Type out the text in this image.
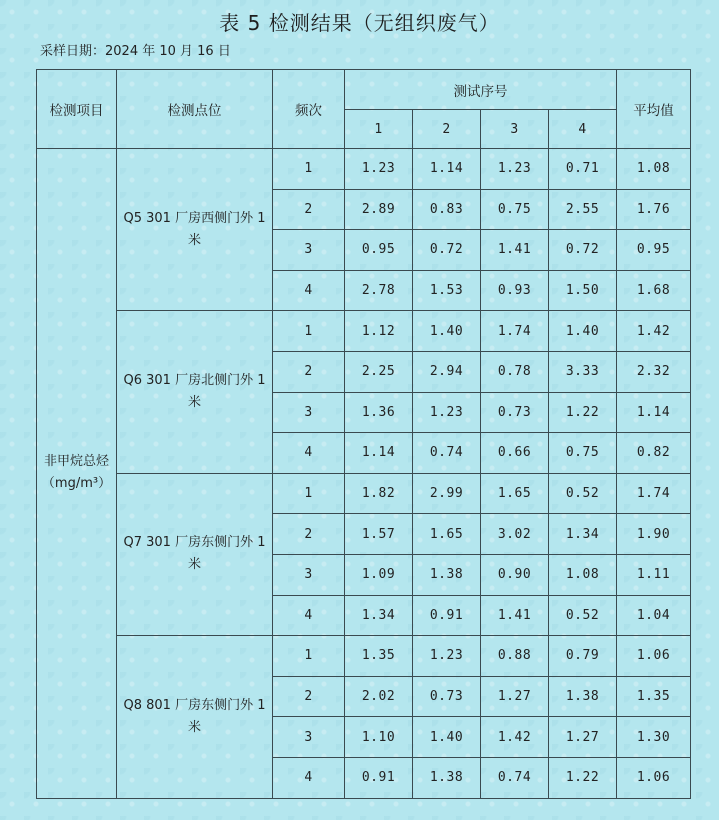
表 5 检测结果（无组织废气）
采样日期：2024 年 10 月 16 日
检测项目	检测点位	频次	测试序号				平均值
			1	2	3	4	
非甲烷总烃（mg/m³）	Q5 301 厂房西侧门外 1 米	1	1.23	1.14	1.23	0.71	1.08
		2	2.89	0.83	0.75	2.55	1.76
		3	0.95	0.72	1.41	0.72	0.95
		4	2.78	1.53	0.93	1.50	1.68
	Q6 301 厂房北侧门外 1 米	1	1.12	1.40	1.74	1.40	1.42
		2	2.25	2.94	0.78	3.33	2.32
		3	1.36	1.23	0.73	1.22	1.14
		4	1.14	0.74	0.66	0.75	0.82
	Q7 301 厂房东侧门外 1 米	1	1.82	2.99	1.65	0.52	1.74
		2	1.57	1.65	3.02	1.34	1.90
		3	1.09	1.38	0.90	1.08	1.11
		4	1.34	0.91	1.41	0.52	1.04
	Q8 801 厂房东侧门外 1 米	1	1.35	1.23	0.88	0.79	1.06
		2	2.02	0.73	1.27	1.38	1.35
		3	1.10	1.40	1.42	1.27	1.30
		4	0.91	1.38	0.74	1.22	1.06
